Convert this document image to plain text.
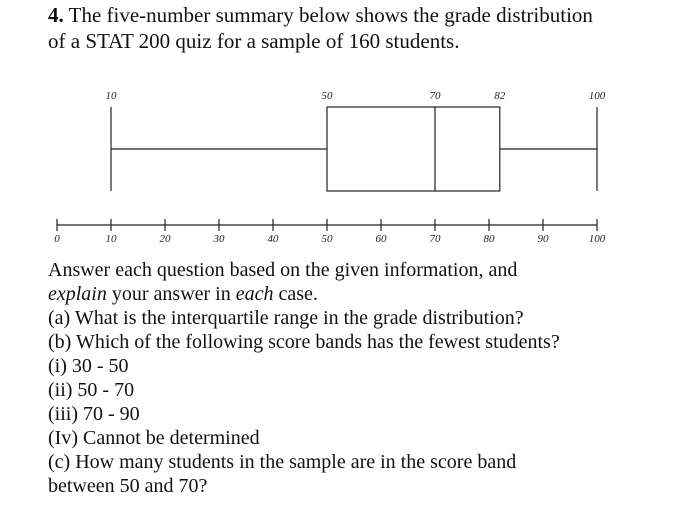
4. The five-number summary below shows the grade distribution
of a STAT 200 quiz for a sample of 160 students.
10	50	70	82	100
0	10	20	30	40	50	60	70	80	90	100

Answer each question based on the given information, and

explain your answer in each case.

(a) What is the interquartile range in the grade distribution?

(b) Which of the following score bands has the fewest students?

(i) 30 - 50

(ii) 50 - 70

(iii) 70 - 90

(Iv) Cannot be determined

(c) How many students in the sample are in the score band

between 50 and 70?
